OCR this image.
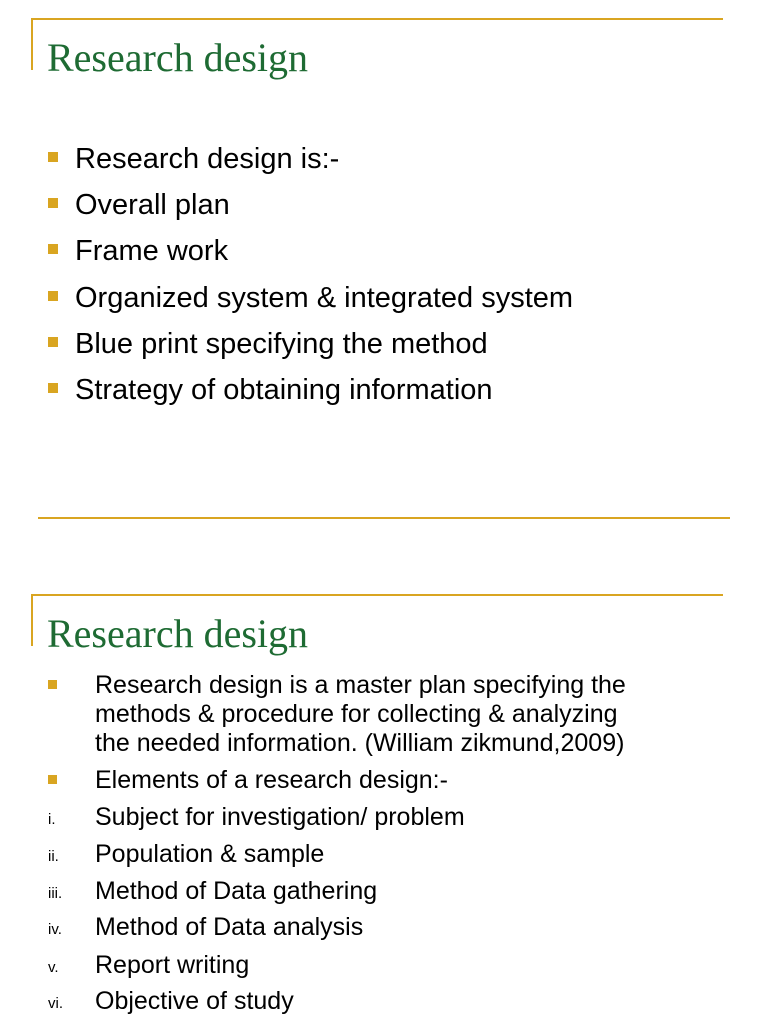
Research design
Research design is:-
Overall plan
Frame work
Organized system & integrated system
Blue print specifying the method
Strategy of obtaining information
Research design
Research design is a master plan specifying the
methods & procedure for collecting & analyzing
the needed information. (William zikmund,2009)
Elements of a research design:-
i. Subject for investigation/ problem
ii. Population & sample
iii. Method of Data gathering
iv. Method of Data analysis
v. Report writing
vi. Objective of study
